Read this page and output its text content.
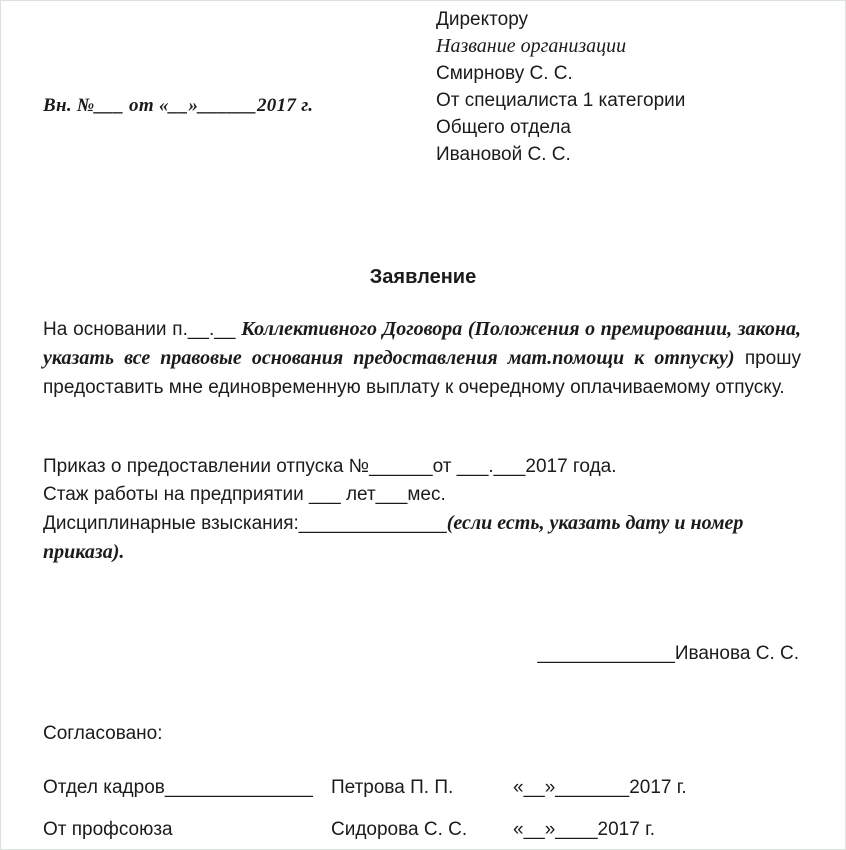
Директору
Название организации
Смирнову С. С.
От специалиста 1 категории
Общего отдела
Ивановой С. С.
Вн. №___ от «__»______2017 г.
Заявление
На основании п.__.__ Коллективного Договора (Положения о премировании, закона, указать все правовые основания предоставления мат.помощи к отпуску) прошу предоставить мне единовременную выплату к очередному оплачиваемому отпуску.
Приказ о предоставлении отпуска №______от ___.___2017 года.
Стаж работы на предприятии ___ лет___мес.
Дисциплинарные взыскания:______________(если есть, указать дату и номер приказа).
_____________Иванова С. С.
Согласовано:
Отдел кадров______________ Петрова П. П.	«__»_______2017 г.
От профсоюза	Сидорова С. С.	«__»____2017 г.
